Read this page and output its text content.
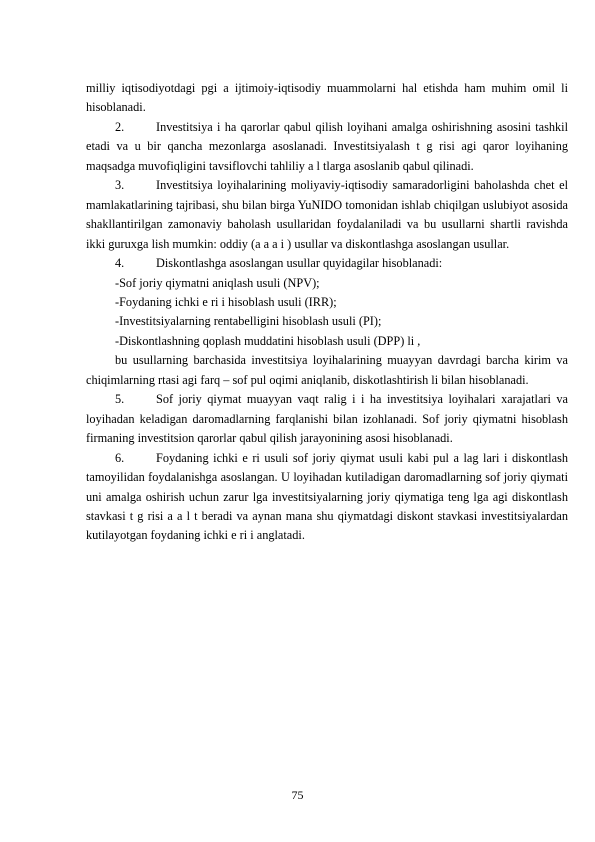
milliy iqtisodiyotdagi pgi a ijtimoiy-iqtisodiy muammolarni hal etishda ham muhim omil li hisoblanadi.

2.	Investitsiya i ha qarorlar qabul qilish loyihani amalga oshirishning asosini tashkil etadi va u bir qancha mezonlarga asoslanadi. Investitsiyalash t g risi agi qaror loyihaning maqsadga muvofiqligini tavsiflovchi tahliliy a l tlarga asoslanib qabul qilinadi.

3.	Investitsiya loyihalarining moliyaviy-iqtisodiy samaradorligini baholashda chet el mamlakatlarining tajribasi, shu bilan birga YuNIDO tomonidan ishlab chiqilgan uslubiyot asosida shakllantirilgan zamonaviy baholash usullaridan foydalaniladi va bu usullarni shartli ravishda ikki guruxga lish mumkin: oddiy (a a a i ) usullar va diskontlashga asoslangan usullar.

4.	Diskontlashga asoslangan usullar quyidagilar hisoblanadi:

-Sof joriy qiymatni aniqlash usuli (NPV);

-Foydaning ichki e ri i hisoblash usuli (IRR);

-Investitsiyalarning rentabelligini hisoblash usuli (PI);

-Diskontlashning qoplash muddatini hisoblash usuli (DPP) li ,

bu usullarning barchasida investitsiya loyihalarining muayyan davrdagi barcha kirim va chiqimlarning rtasi agi farq – sof pul oqimi aniqlanib, diskotlashtirish li bilan hisoblanadi.

5.	Sof joriy qiymat muayyan vaqt ralig i i ha investitsiya loyihalari xarajatlari va loyihadan keladigan daromadlarning farqlanishi bilan izohlanadi. Sof joriy qiymatni hisoblash firmaning investitsion qarorlar qabul qilish jarayonining asosi hisoblanadi.

6.	Foydaning ichki e ri usuli sof joriy qiymat usuli kabi pul a lag lari i diskontlash tamoyilidan foydalanishga asoslangan. U loyihadan kutiladigan daromadlarning sof joriy qiymati uni amalga oshirish uchun zarur lga investitsiyalarning joriy qiymatiga teng lga agi diskontlash stavkasi t g risi a a l t beradi va aynan mana shu qiymatdagi diskont stavkasi investitsiyalardan kutilayotgan foydaning ichki e ri i anglatadi.

75
